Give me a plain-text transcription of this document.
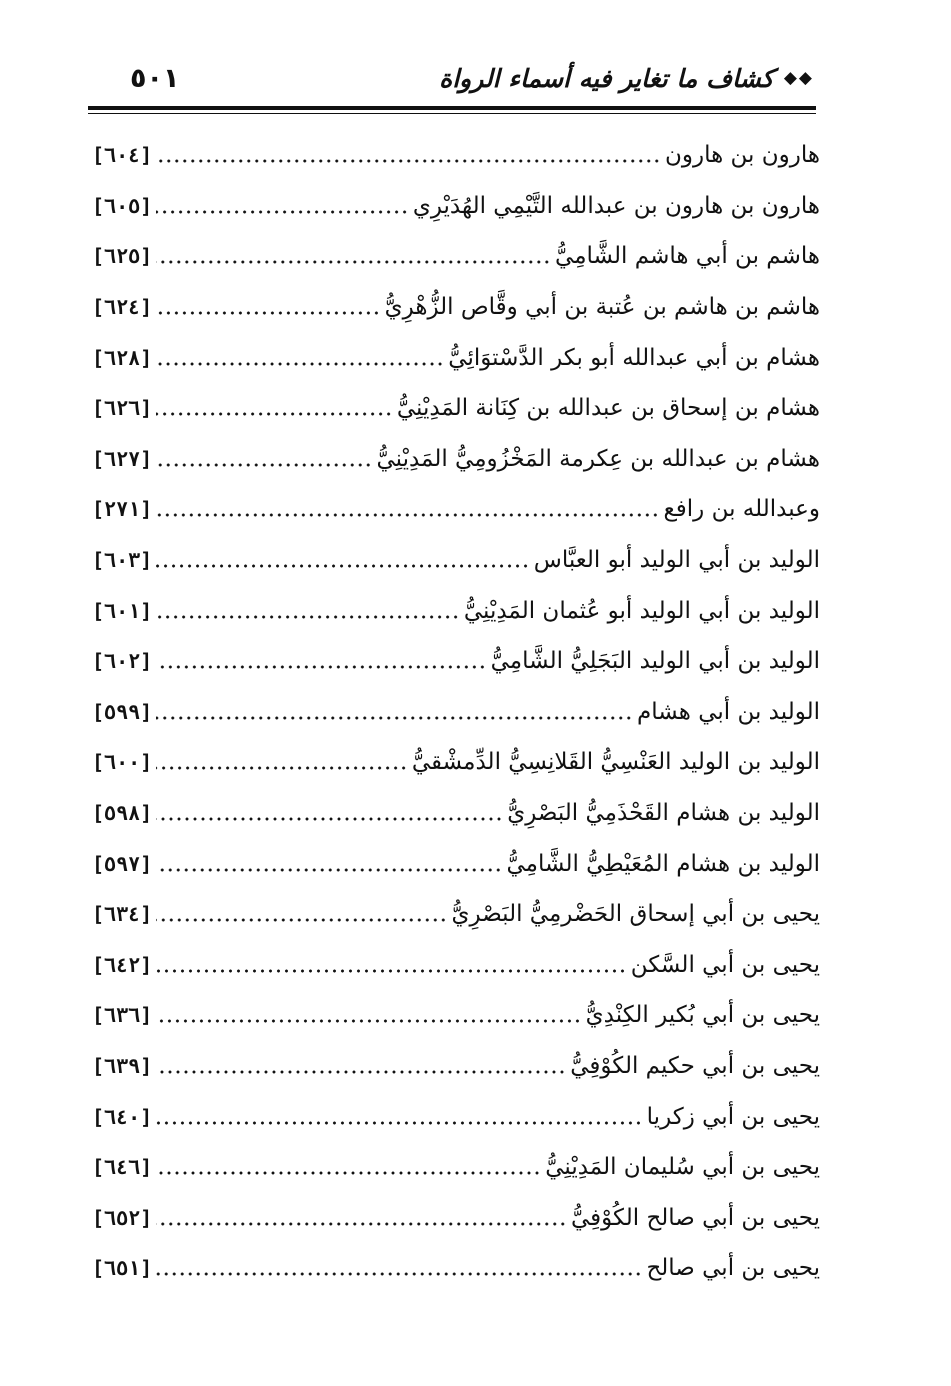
◆◆
كشاف ما تغاير فيه أسماء الرواة
٥٠١
هارون بن هارون
[٦٠٤]
هارون بن هارون بن عبدالله التَّيْمِي الهُدَيْرِي
[٦٠٥]
هاشم بن أبي هاشم الشَّامِيُّ
[٦٢٥]
هاشم بن هاشم بن عُتبة بن أبي وقَّاص الزُّهْرِيُّ
[٦٢٤]
هشام بن أبي عبدالله أبو بكر الدَّسْتوَائِيُّ
[٦٢٨]
هشام بن إسحاق بن عبدالله بن كِنَانة المَدِيْنِيُّ
[٦٢٦]
هشام بن عبدالله بن عِكرمة المَخْزُومِيُّ المَدِيْنِيُّ
[٦٢٧]
وعبدالله بن رافع
[٢٧١]
الوليد بن أبي الوليد أبو العبَّاس
[٦٠٣]
الوليد بن أبي الوليد أبو عُثمان المَدِيْنِيُّ
[٦٠١]
الوليد بن أبي الوليد البَجَلِيُّ الشَّامِيُّ
[٦٠٢]
الوليد بن أبي هشام
[٥٩٩]
الوليد بن الوليد العَنْسِيُّ القَلانِسِيُّ الدِّمشْقيُّ
[٦٠٠]
الوليد بن هشام القَحْذَمِيُّ البَصْرِيُّ
[٥٩٨]
الوليد بن هشام المُعَيْطِيُّ الشَّامِيُّ
[٥٩٧]
يحيى بن أبي إسحاق الحَضْرمِيُّ البَصْرِيُّ
[٦٣٤]
يحيى بن أبي السَّكن
[٦٤٢]
يحيى بن أبي بُكير الكِنْدِيُّ
[٦٣٦]
يحيى بن أبي حكيم الكُوْفِيُّ
[٦٣٩]
يحيى بن أبي زكريا
[٦٤٠]
يحيى بن أبي سُليمان المَدِيْنِيُّ
[٦٤٦]
يحيى بن أبي صالح الكُوْفِيُّ
[٦٥٢]
يحيى بن أبي صالح
[٦٥١]
